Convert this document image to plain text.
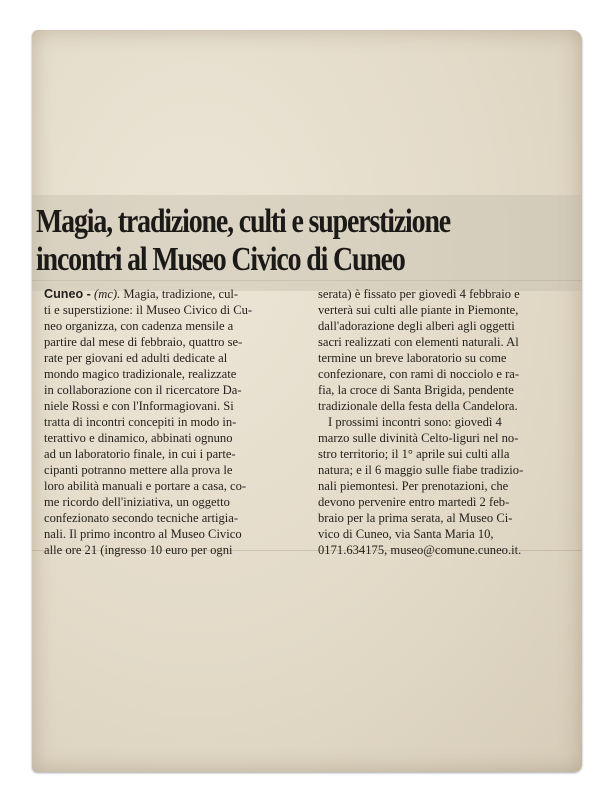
Magia, tradizione, culti e superstizione
incontri al Museo Civico di Cuneo
Cuneo - (mc). Magia, tradizione, cul-
ti e superstizione: il Museo Civico di Cu-
neo organizza, con cadenza mensile a
partire dal mese di febbraio, quattro se-
rate per giovani ed adulti dedicate al
mondo magico tradizionale, realizzate
in collaborazione con il ricercatore Da-
niele Rossi e con l'Informagiovani. Si
tratta di incontri concepiti in modo in-
terattivo e dinamico, abbinati ognuno
ad un laboratorio finale, in cui i parte-
cipanti potranno mettere alla prova le
loro abilità manuali e portare a casa, co-
me ricordo dell'iniziativa, un oggetto
confezionato secondo tecniche artigia-
nali. Il primo incontro al Museo Civico
alle ore 21 (ingresso 10 euro per ogni
serata) è fissato per giovedì 4 febbraio e
verterà sui culti alle piante in Piemonte,
dall'adorazione degli alberi agli oggetti
sacri realizzati con elementi naturali. Al
termine un breve laboratorio su come
confezionare, con rami di nocciolo e ra-
fia, la croce di Santa Brigida, pendente
tradizionale della festa della Candelora.
I prossimi incontri sono: giovedì 4
marzo sulle divinità Celto-liguri nel no-
stro territorio; il 1° aprile sui culti alla
natura; e il 6 maggio sulle fiabe tradizio-
nali piemontesi. Per prenotazioni, che
devono pervenire entro martedì 2 feb-
braio per la prima serata, al Museo Ci-
vico di Cuneo, via Santa Maria 10,
0171.634175, museo@comune.cuneo.it.
